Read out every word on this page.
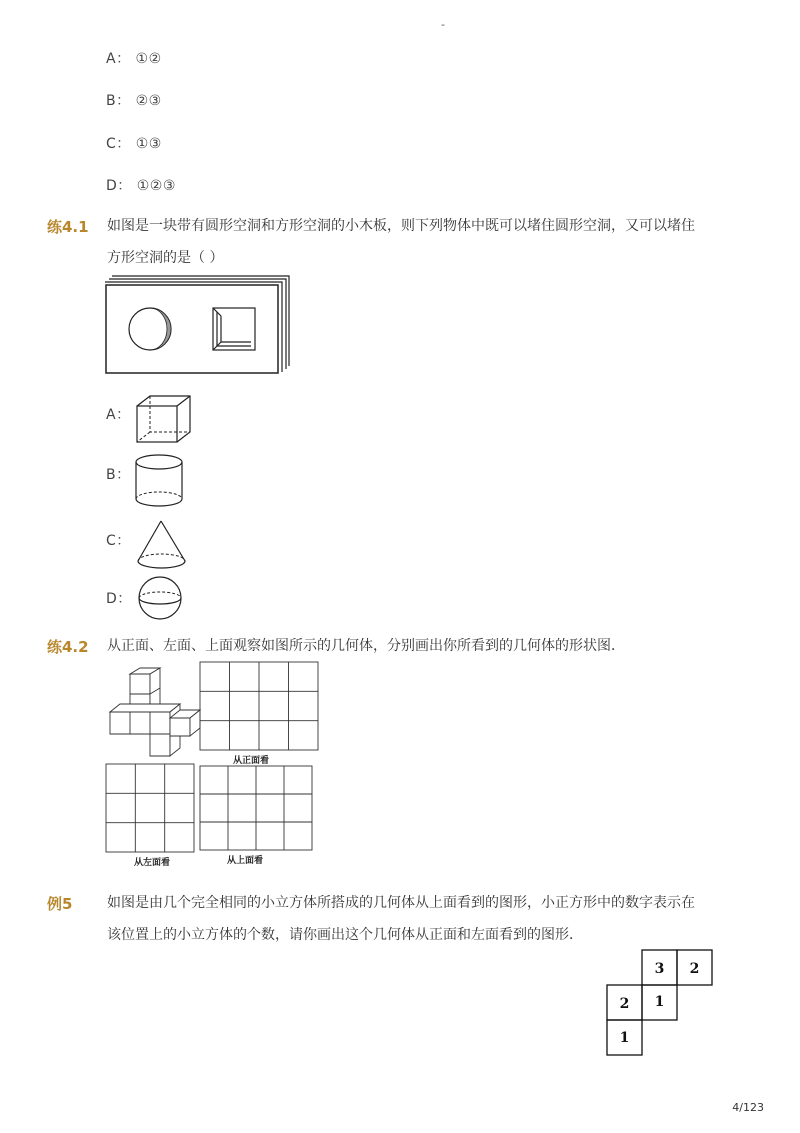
-
A： ①②
B： ②③
C： ①③
D： ①②③
练4.1 如图是一块带有圆形空洞和方形空洞的小木板，则下列物体中既可以堵住圆形空洞，又可以堵住
方形空洞的是（ ）
A：
B：
C：
D：
练4.2 从正面、左面、上面观察如图所示的几何体，分别画出你所看到的几何体的形状图．
从正面看
从左面看	从上面看
例5 如图是由几个完全相同的小立方体所搭成的几何体从上面看到的图形，小正方形中的数字表示在
该位置上的小立方体的个数，请你画出这个几何体从正面和左面看到的图形．
3 2
2 1
1
4/123
